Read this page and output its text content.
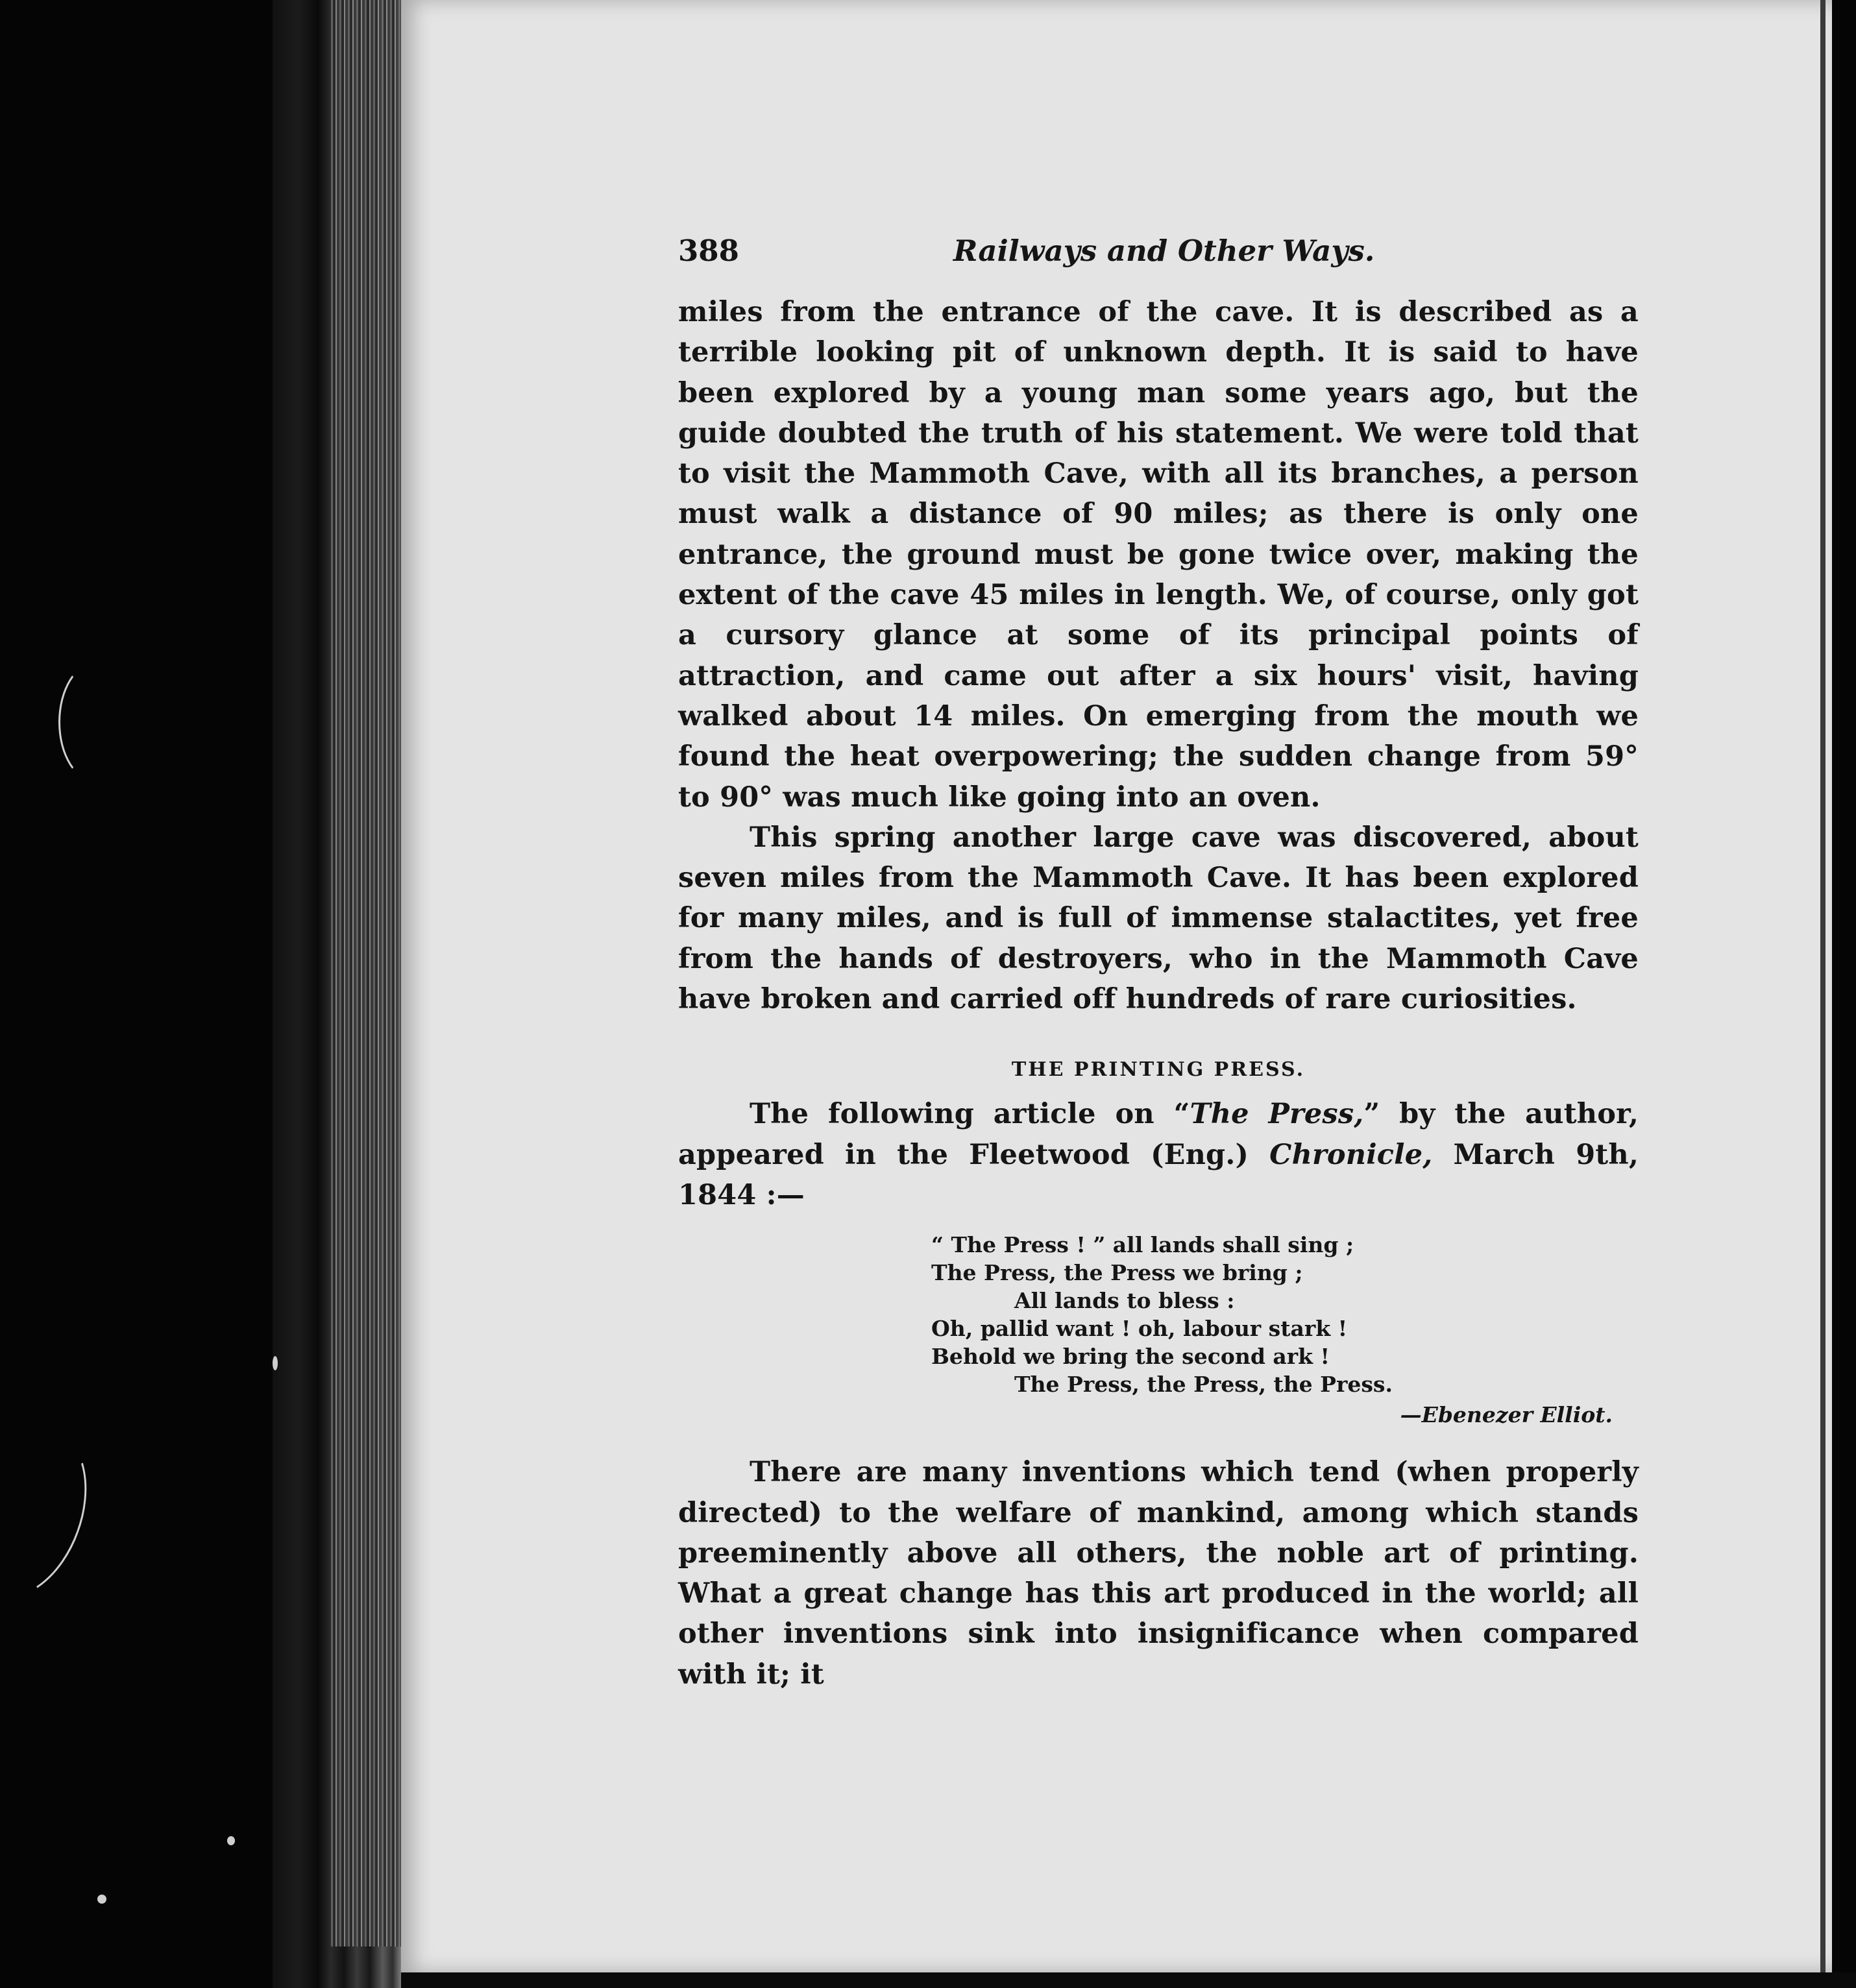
388	Railways and Other Ways.

miles from the entrance of the cave. It is described as a terrible looking pit of unknown depth. It is said to have been explored by a young man some years ago, but the guide doubted the truth of his statement. We were told that to visit the Mammoth Cave, with all its branches, a person must walk a distance of 90 miles; as there is only one entrance, the ground must be gone twice over, making the extent of the cave 45 miles in length. We, of course, only got a cursory glance at some of its principal points of attraction, and came out after a six hours' visit, having walked about 14 miles. On emerging from the mouth we found the heat overpowering; the sudden change from 59° to 90° was much like going into an oven.

This spring another large cave was discovered, about seven miles from the Mammoth Cave. It has been explored for many miles, and is full of immense stalactites, yet free from the hands of destroyers, who in the Mammoth Cave have broken and carried off hundreds of rare curiosities.

THE PRINTING PRESS.

The following article on “The Press,” by the author, appeared in the Fleetwood (Eng.) Chronicle, March 9th, 1844 :—

“ The Press ! ” all lands shall sing ;
The Press, the Press we bring ;
All lands to bless :
Oh, pallid want ! oh, labour stark !
Behold we bring the second ark !
The Press, the Press, the Press.
—Ebenezer Elliot.

There are many inventions which tend (when properly directed) to the welfare of mankind, among which stands preeminently above all others, the noble art of printing. What a great change has this art produced in the world; all other inventions sink into insignificance when compared with it; it
